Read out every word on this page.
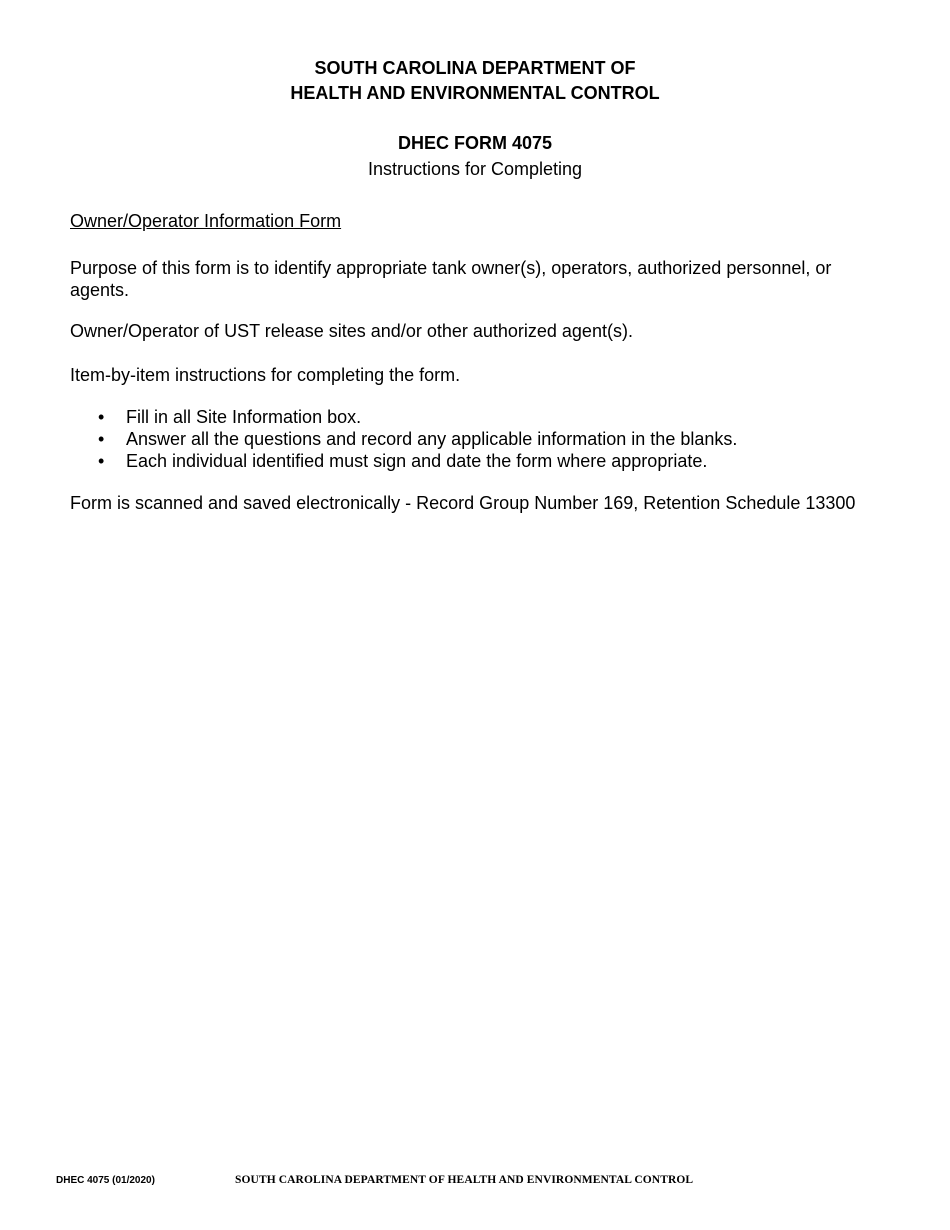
SOUTH CAROLINA DEPARTMENT OF
HEALTH AND ENVIRONMENTAL CONTROL
DHEC FORM 4075
Instructions for Completing
Owner/Operator Information Form
Purpose of this form is to identify appropriate tank owner(s), operators, authorized personnel, or agents.
Owner/Operator of UST release sites and/or other authorized agent(s).
Item-by-item instructions for completing the form.
• Fill in all Site Information box.
• Answer all the questions and record any applicable information in the blanks.
• Each individual identified must sign and date the form where appropriate.
Form is scanned and saved electronically - Record Group Number 169, Retention Schedule 13300
DHEC 4075 (01/2020)	SOUTH CAROLINA DEPARTMENT OF HEALTH AND ENVIRONMENTAL CONTROL
